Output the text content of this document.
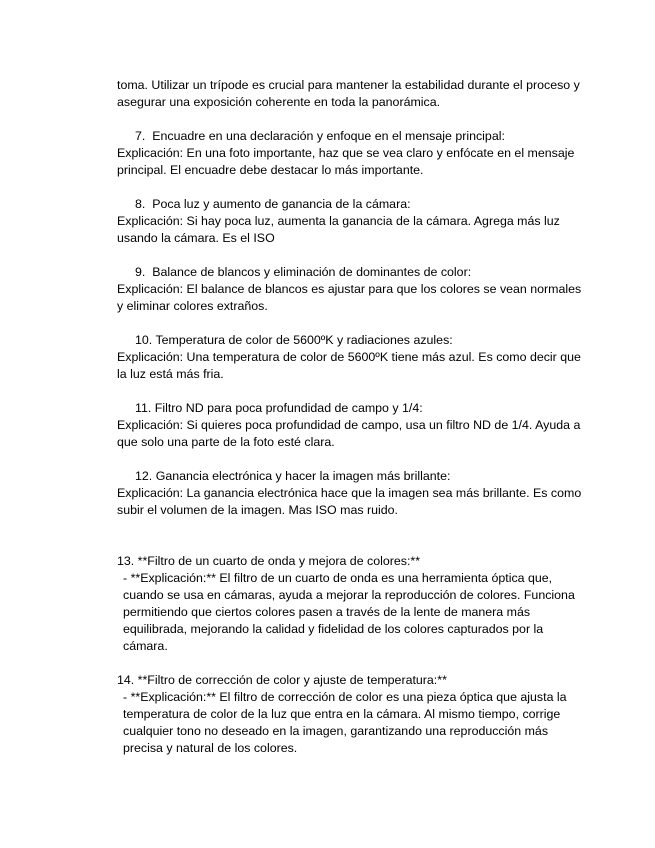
toma. Utilizar un trípode es crucial para mantener la estabilidad durante el proceso y asegurar una exposición coherente en toda la panorámica.

7. Encuadre en una declaración y enfoque en el mensaje principal:
Explicación: En una foto importante, haz que se vea claro y enfócate en el mensaje principal. El encuadre debe destacar lo más importante.
8. Poca luz y aumento de ganancia de la cámara:
Explicación: Si hay poca luz, aumenta la ganancia de la cámara. Agrega más luz usando la cámara. Es el ISO
9. Balance de blancos y eliminación de dominantes de color:
Explicación: El balance de blancos es ajustar para que los colores se vean normales y eliminar colores extraños.
10. Temperatura de color de 5600ºK y radiaciones azules:
Explicación: Una temperatura de color de 5600ºK tiene más azul. Es como decir que la luz está más fria.
11. Filtro ND para poca profundidad de campo y 1/4:
Explicación: Si quieres poca profundidad de campo, usa un filtro ND de 1/4. Ayuda a que solo una parte de la foto esté clara.
12. Ganancia electrónica y hacer la imagen más brillante:
Explicación: La ganancia electrónica hace que la imagen sea más brillante. Es como subir el volumen de la imagen. Mas ISO mas ruido.
13. **Filtro de un cuarto de onda y mejora de colores:**
- **Explicación:** El filtro de un cuarto de onda es una herramienta óptica que, cuando se usa en cámaras, ayuda a mejorar la reproducción de colores. Funciona permitiendo que ciertos colores pasen a través de la lente de manera más equilibrada, mejorando la calidad y fidelidad de los colores capturados por la cámara.
14. **Filtro de corrección de color y ajuste de temperatura:**
- **Explicación:** El filtro de corrección de color es una pieza óptica que ajusta la temperatura de color de la luz que entra en la cámara. Al mismo tiempo, corrige cualquier tono no deseado en la imagen, garantizando una reproducción más precisa y natural de los colores.
